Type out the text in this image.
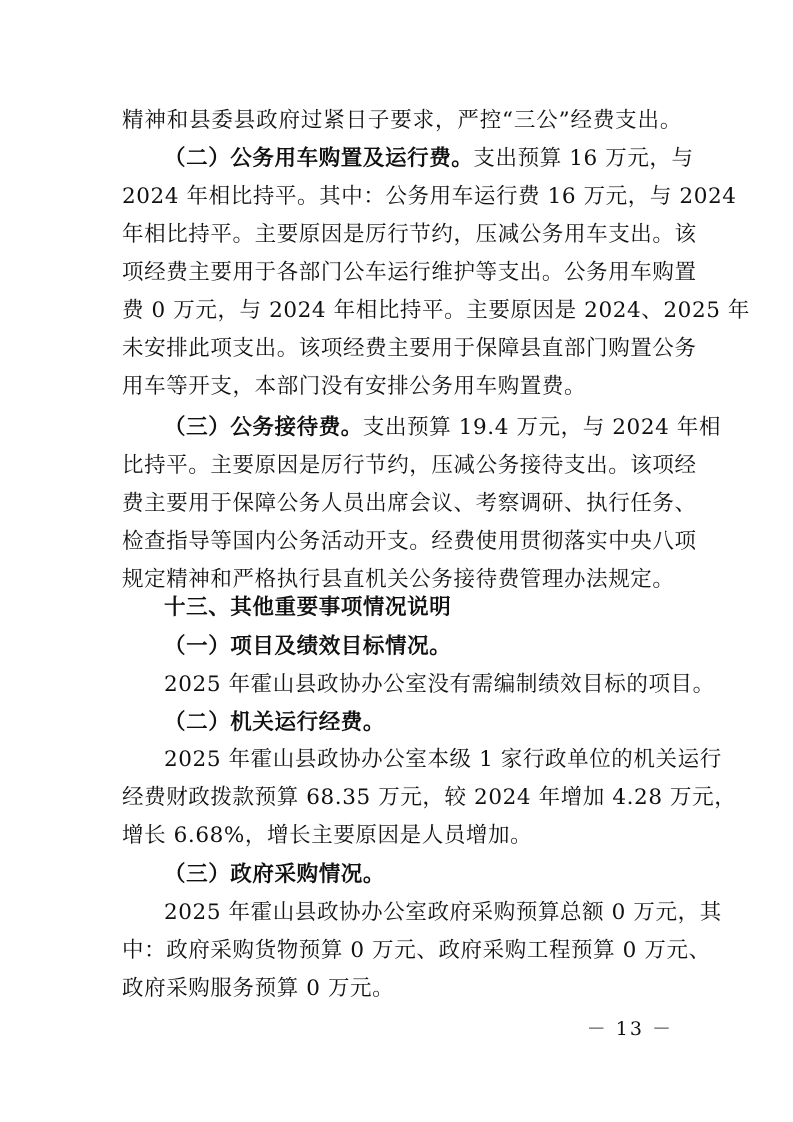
精神和县委县政府过紧日子要求，严控“三公”经费支出。
（二）公务用车购置及运行费。支出预算 16 万元，与
2024 年相比持平。其中：公务用车运行费 16 万元，与 2024
年相比持平。主要原因是厉行节约，压减公务用车支出。该
项经费主要用于各部门公车运行维护等支出。公务用车购置
费 0 万元，与 2024 年相比持平。主要原因是 2024、2025 年
未安排此项支出。该项经费主要用于保障县直部门购置公务
用车等开支，本部门没有安排公务用车购置费。
（三）公务接待费。支出预算 19.4 万元，与 2024 年相
比持平。主要原因是厉行节约，压减公务接待支出。该项经
费主要用于保障公务人员出席会议、考察调研、执行任务、
检查指导等国内公务活动开支。经费使用贯彻落实中央八项
规定精神和严格执行县直机关公务接待费管理办法规定。
十三、其他重要事项情况说明
（一）项目及绩效目标情况。
2025 年霍山县政协办公室没有需编制绩效目标的项目。
（二）机关运行经费。
2025 年霍山县政协办公室本级 1 家行政单位的机关运行
经费财政拨款预算 68.35 万元，较 2024 年增加 4.28 万元，
增长 6.68%，增长主要原因是人员增加。
（三）政府采购情况。
2025 年霍山县政协办公室政府采购预算总额 0 万元，其
中：政府采购货物预算 0 万元、政府采购工程预算 0 万元、
政府采购服务预算 0 万元。
－ 13 －
